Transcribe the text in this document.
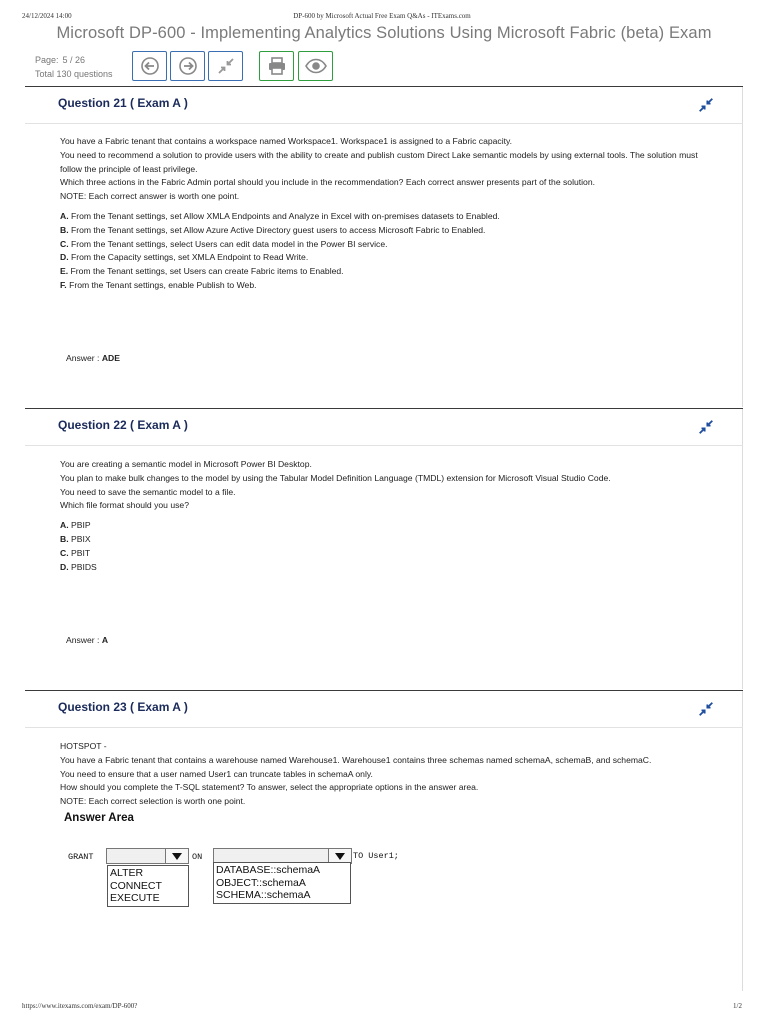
24/12/2024 14:00	DP-600 by Microsoft Actual Free Exam Q&As - ITExams.com
Microsoft DP-600 - Implementing Analytics Solutions Using Microsoft Fabric (beta) Exam
Page: 5 / 26
Total 130 questions
Question 21 ( Exam A )

You have a Fabric tenant that contains a workspace named Workspace1. Workspace1 is assigned to a Fabric capacity.

You need to recommend a solution to provide users with the ability to create and publish custom Direct Lake semantic models by using external tools. The solution must follow the principle of least privilege.

Which three actions in the Fabric Admin portal should you include in the recommendation? Each correct answer presents part of the solution.

NOTE: Each correct answer is worth one point.

A. From the Tenant settings, set Allow XMLA Endpoints and Analyze in Excel with on-premises datasets to Enabled.
B. From the Tenant settings, set Allow Azure Active Directory guest users to access Microsoft Fabric to Enabled.
C. From the Tenant settings, select Users can edit data model in the Power BI service.
D. From the Capacity settings, set XMLA Endpoint to Read Write.
E. From the Tenant settings, set Users can create Fabric items to Enabled.
F. From the Tenant settings, enable Publish to Web.
Answer : ADE
Question 22 ( Exam A )

You are creating a semantic model in Microsoft Power BI Desktop.

You plan to make bulk changes to the model by using the Tabular Model Definition Language (TMDL) extension for Microsoft Visual Studio Code.

You need to save the semantic model to a file.

Which file format should you use?

A. PBIP
B. PBIX
C. PBIT
D. PBIDS
Answer : A
Question 23 ( Exam A )

HOTSPOT -

You have a Fabric tenant that contains a warehouse named Warehouse1. Warehouse1 contains three schemas named schemaA, schemaB, and schemaC.

You need to ensure that a user named User1 can truncate tables in schemaA only.

How should you complete the T-SQL statement? To answer, select the appropriate options in the answer area.

NOTE: Each correct selection is worth one point.

Answer Area
GRANT	ON	TO User1;
ALTER
CONNECT
EXECUTE
DATABASE::schemaA
OBJECT::schemaA
SCHEMA::schemaA
https://www.itexams.com/exam/DP-600?	1/2
